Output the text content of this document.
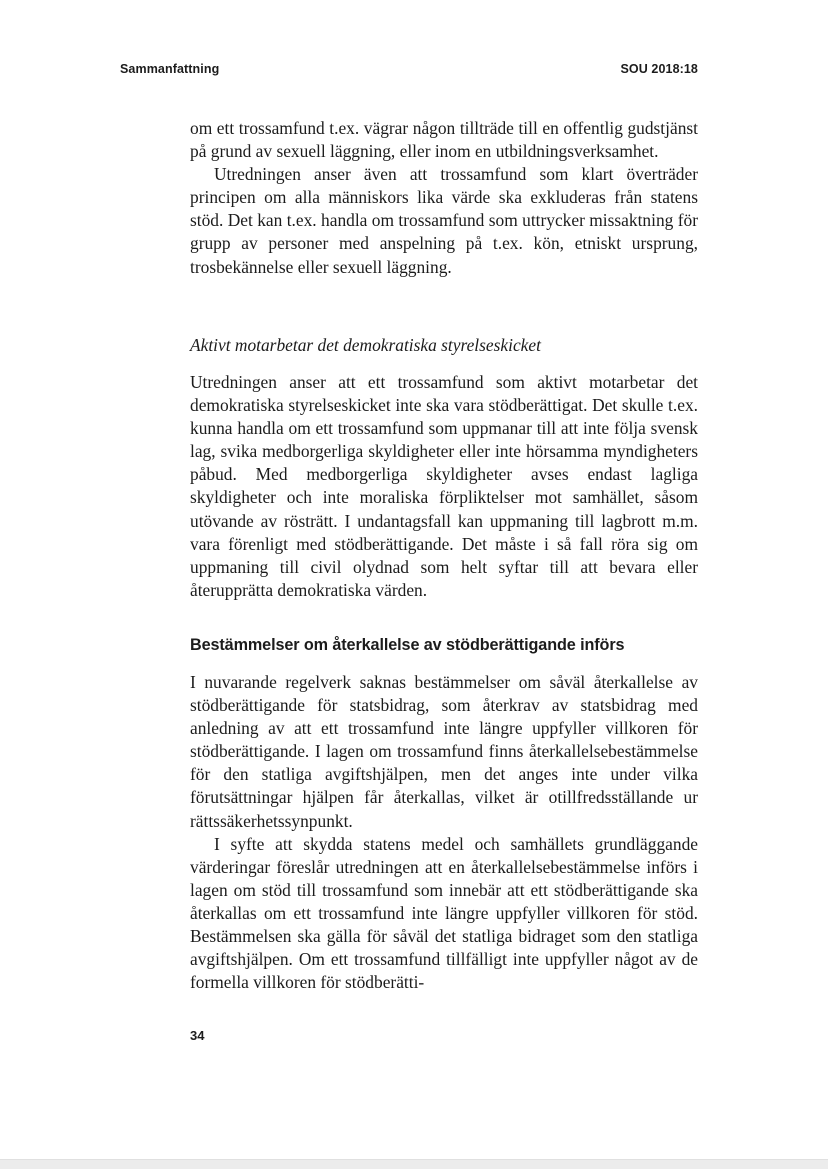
Sammanfattning	SOU 2018:18

om ett trossamfund t.ex. vägrar någon tillträde till en offentlig gudstjänst på grund av sexuell läggning, eller inom en utbildningsverksamhet.

Utredningen anser även att trossamfund som klart överträder principen om alla människors lika värde ska exkluderas från statens stöd. Det kan t.ex. handla om trossamfund som uttrycker missaktning för grupp av personer med anspelning på t.ex. kön, etniskt ursprung, trosbekännelse eller sexuell läggning.

Aktivt motarbetar det demokratiska styrelseskicket

Utredningen anser att ett trossamfund som aktivt motarbetar det demokratiska styrelseskicket inte ska vara stödberättigat. Det skulle t.ex. kunna handla om ett trossamfund som uppmanar till att inte följa svensk lag, svika medborgerliga skyldigheter eller inte hörsamma myndigheters påbud. Med medborgerliga skyldigheter avses endast lagliga skyldigheter och inte moraliska förpliktelser mot samhället, såsom utövande av rösträtt. I undantagsfall kan uppmaning till lagbrott m.m. vara förenligt med stödberättigande. Det måste i så fall röra sig om uppmaning till civil olydnad som helt syftar till att bevara eller återupprätta demokratiska värden.

Bestämmelser om återkallelse av stödberättigande införs

I nuvarande regelverk saknas bestämmelser om såväl återkallelse av stödberättigande för statsbidrag, som återkrav av statsbidrag med anledning av att ett trossamfund inte längre uppfyller villkoren för stödberättigande. I lagen om trossamfund finns återkallelsebestämmelse för den statliga avgiftshjälpen, men det anges inte under vilka förutsättningar hjälpen får återkallas, vilket är otillfredsställande ur rättssäkerhetssynpunkt.

I syfte att skydda statens medel och samhällets grundläggande värderingar föreslår utredningen att en återkallelsebestämmelse införs i lagen om stöd till trossamfund som innebär att ett stödberättigande ska återkallas om ett trossamfund inte längre uppfyller villkoren för stöd. Bestämmelsen ska gälla för såväl det statliga bidraget som den statliga avgiftshjälpen. Om ett trossamfund tillfälligt inte uppfyller något av de formella villkoren för stödberätti-

34
